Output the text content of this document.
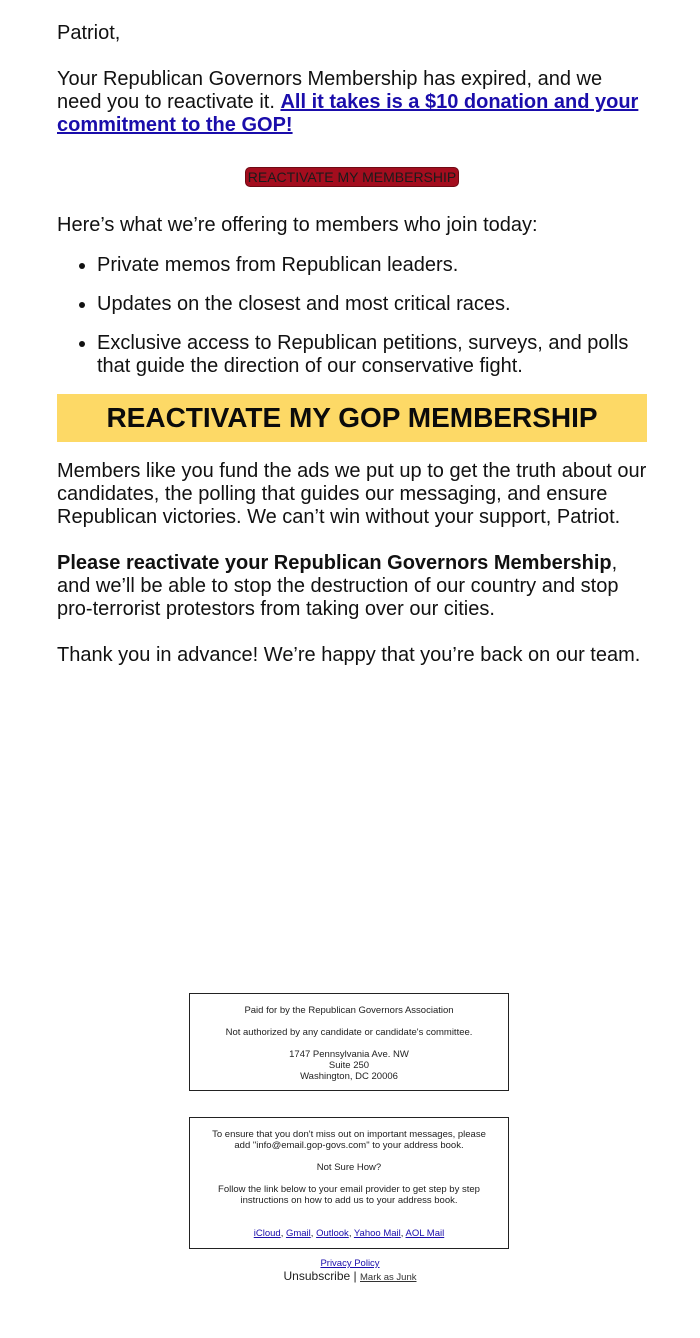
Patriot,

Your Republican Governors Membership has expired, and we need you to reactivate it. All it takes is a $10 donation and your commitment to the GOP!

REACTIVATE MY MEMBERSHIP

Here’s what we’re offering to members who join today:

• Private memos from Republican leaders.
• Updates on the closest and most critical races.
• Exclusive access to Republican petitions, surveys, and polls that guide the direction of our conservative fight.
REACTIVATE MY GOP MEMBERSHIP

Members like you fund the ads we put up to get the truth about our candidates, the polling that guides our messaging, and ensure Republican victories. We can’t win without your support, Patriot.

Please reactivate your Republican Governors Membership, and we’ll be able to stop the destruction of our country and stop pro-terrorist protestors from taking over our cities.

Thank you in advance! We’re happy that you’re back on our team.

Paid for by the Republican Governors Association

Not authorized by any candidate or candidate's committee.

1747 Pennsylvania Ave. NW

Suite 250

Washington, DC 20006

To ensure that you don't miss out on important messages, please add "info@email.gop-govs.com" to your address book.

Not Sure How?

Follow the link below to your email provider to get step by step instructions on how to add us to your address book.

iCloud, Gmail, Outlook, Yahoo Mail, AOL Mail

Privacy Policy

Unsubscribe | Mark as Junk
